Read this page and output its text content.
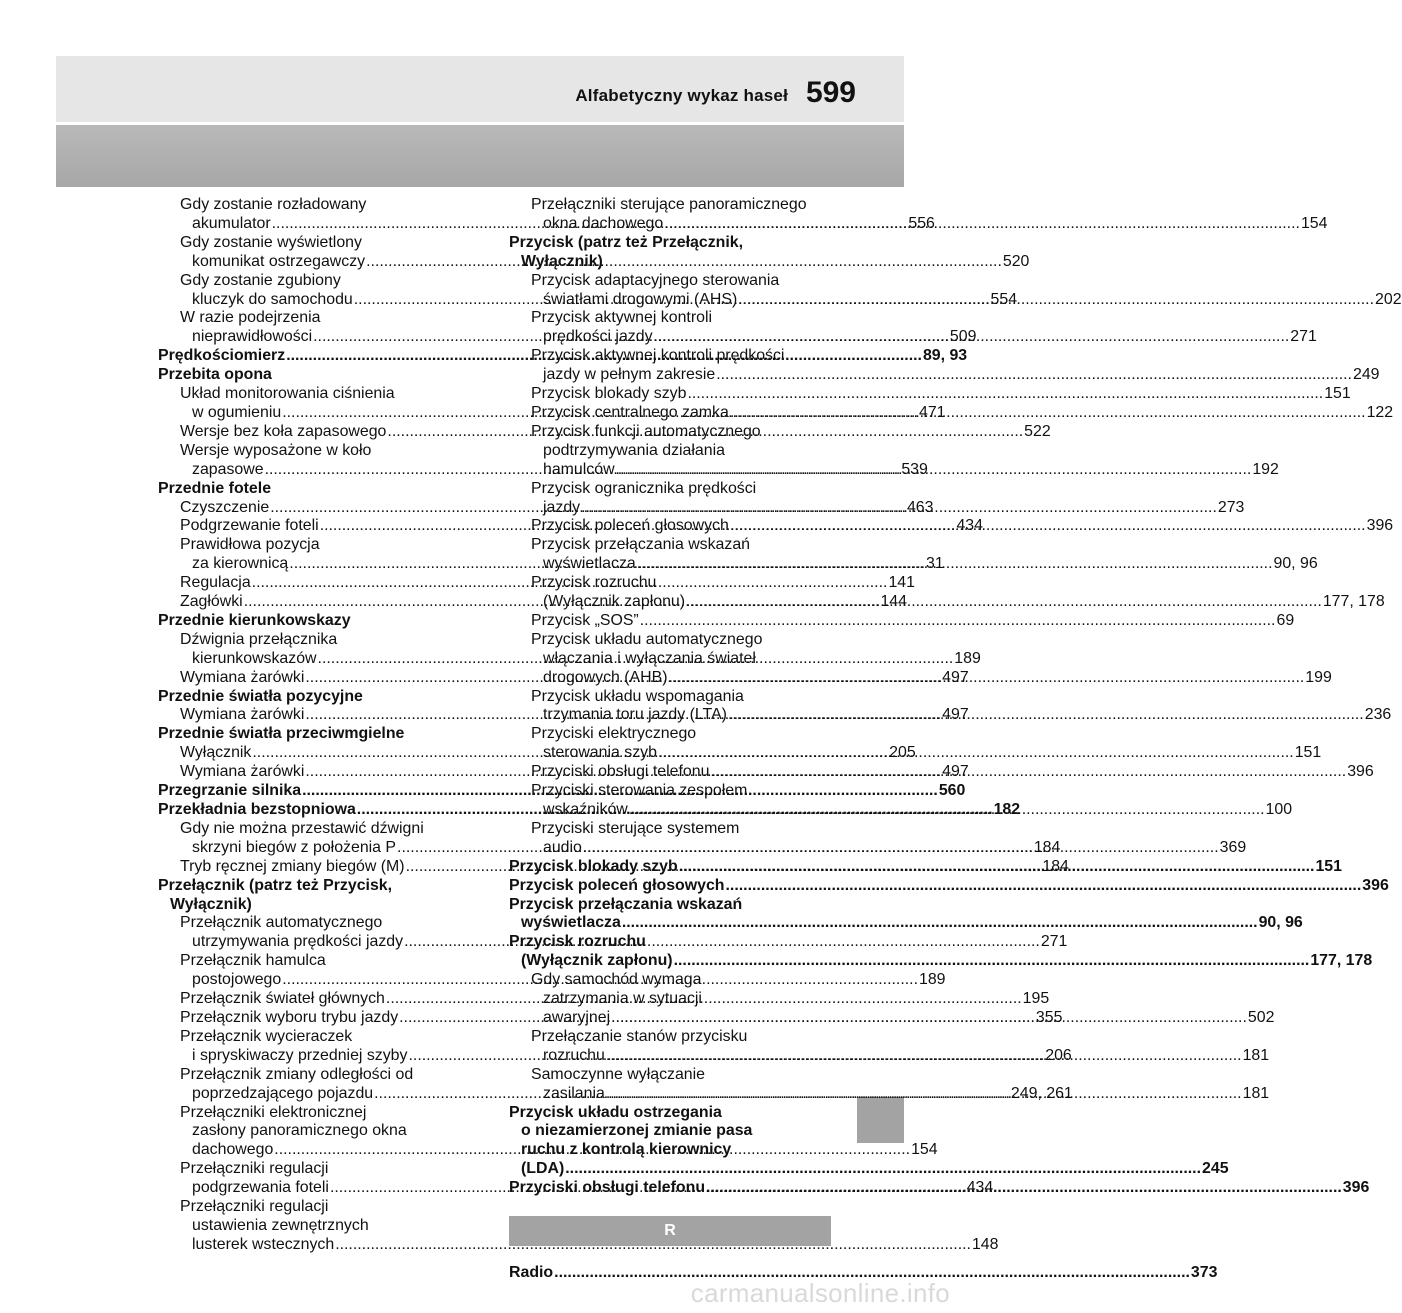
Alfabetyczny wykaz haseł 599
Gdy zostanie rozładowany
akumulator .....	556
Gdy zostanie wyświetlony
komunikat ostrzegawczy .....	520
Gdy zostanie zgubiony
kluczyk do samochodu .....	554
W razie podejrzenia
nieprawidłowości .....	509
Prędkościomierz .....	89, 93
Przebita opona
Układ monitorowania ciśnienia
w ogumieniu .....	471
Wersje bez koła zapasowego .....	522
Wersje wyposażone w koło
zapasowe .....	539
Przednie fotele
Czyszczenie .....	463
Podgrzewanie foteli .....	434
Prawidłowa pozycja
za kierownicą .....	31
Regulacja .....	141
Zagłówki .....	144
Przednie kierunkowskazy
Dźwignia przełącznika
kierunkowskazów .....	189
Wymiana żarówki .....	497
Przednie światła pozycyjne
Wymiana żarówki .....	497
Przednie światła przeciwmgielne
Wyłącznik .....	205
Wymiana żarówki .....	497
Przegrzanie silnika .....	560
Przekładnia bezstopniowa .....	182
Gdy nie można przestawić dźwigni
skrzyni biegów z położenia P .....	184
Tryb ręcznej zmiany biegów (M) .....	184
Przełącznik (patrz też Przycisk,
Wyłącznik)
Przełącznik automatycznego
utrzymywania prędkości jazdy .....	271
Przełącznik hamulca
postojowego .....	189
Przełącznik świateł głównych .....	195
Przełącznik wyboru trybu jazdy .....	355
Przełącznik wycieraczek
i spryskiwaczy przedniej szyby .....	206
Przełącznik zmiany odległości od
poprzedzającego pojazdu .....	249, 261
Przełączniki elektronicznej
zasłony panoramicznego okna
dachowego .....	154
Przełączniki regulacji
podgrzewania foteli .....	434
Przełączniki regulacji
ustawienia zewnętrznych
lusterek wstecznych .....	148
Przełączniki sterujące panoramicznego
okna dachowego .....	154
Przycisk (patrz też Przełącznik,
Wyłącznik)
Przycisk adaptacyjnego sterowania
światłami drogowymi (AHS) .....	202
Przycisk aktywnej kontroli
prędkości jazdy .....	271
Przycisk aktywnej kontroli prędkości
jazdy w pełnym zakresie .....	249
Przycisk blokady szyb .....	151
Przycisk centralnego zamka .....	122
Przycisk funkcji automatycznego
podtrzymywania działania
hamulców .....	192
Przycisk ogranicznika prędkości
jazdy .....	273
Przycisk poleceń głosowych .....	396
Przycisk przełączania wskazań
wyświetlacza .....	90, 96
Przycisk rozruchu
(Wyłącznik zapłonu) .....	177, 178
Przycisk „SOS” .....	69
Przycisk układu automatycznego
włączania i wyłączania świateł
drogowych (AHB) .....	199
Przycisk układu wspomagania
trzymania toru jazdy (LTA) .....	236
Przyciski elektrycznego
sterowania szyb .....	151
Przyciski obsługi telefonu .....	396
Przyciski sterowania zespołem
wskaźników .....	100
Przyciski sterujące systemem
audio .....	369
Przycisk blokady szyb .....	151
Przycisk poleceń głosowych .....	396
Przycisk przełączania wskazań
wyświetlacza .....	90, 96
Przycisk rozruchu
(Wyłącznik zapłonu) .....	177, 178
Gdy samochód wymaga
zatrzymania w sytuacji
awaryjnej .....	502
Przełączanie stanów przycisku
rozruchu .....	181
Samoczynne wyłączanie
zasilania .....	181
Przycisk układu ostrzegania
o niezamierzonej zmianie pasa
ruchu z kontrolą kierownicy
(LDA) .....	245
Przyciski obsługi telefonu .....	396
R
Radio .....	373
carmanualsonline.info
